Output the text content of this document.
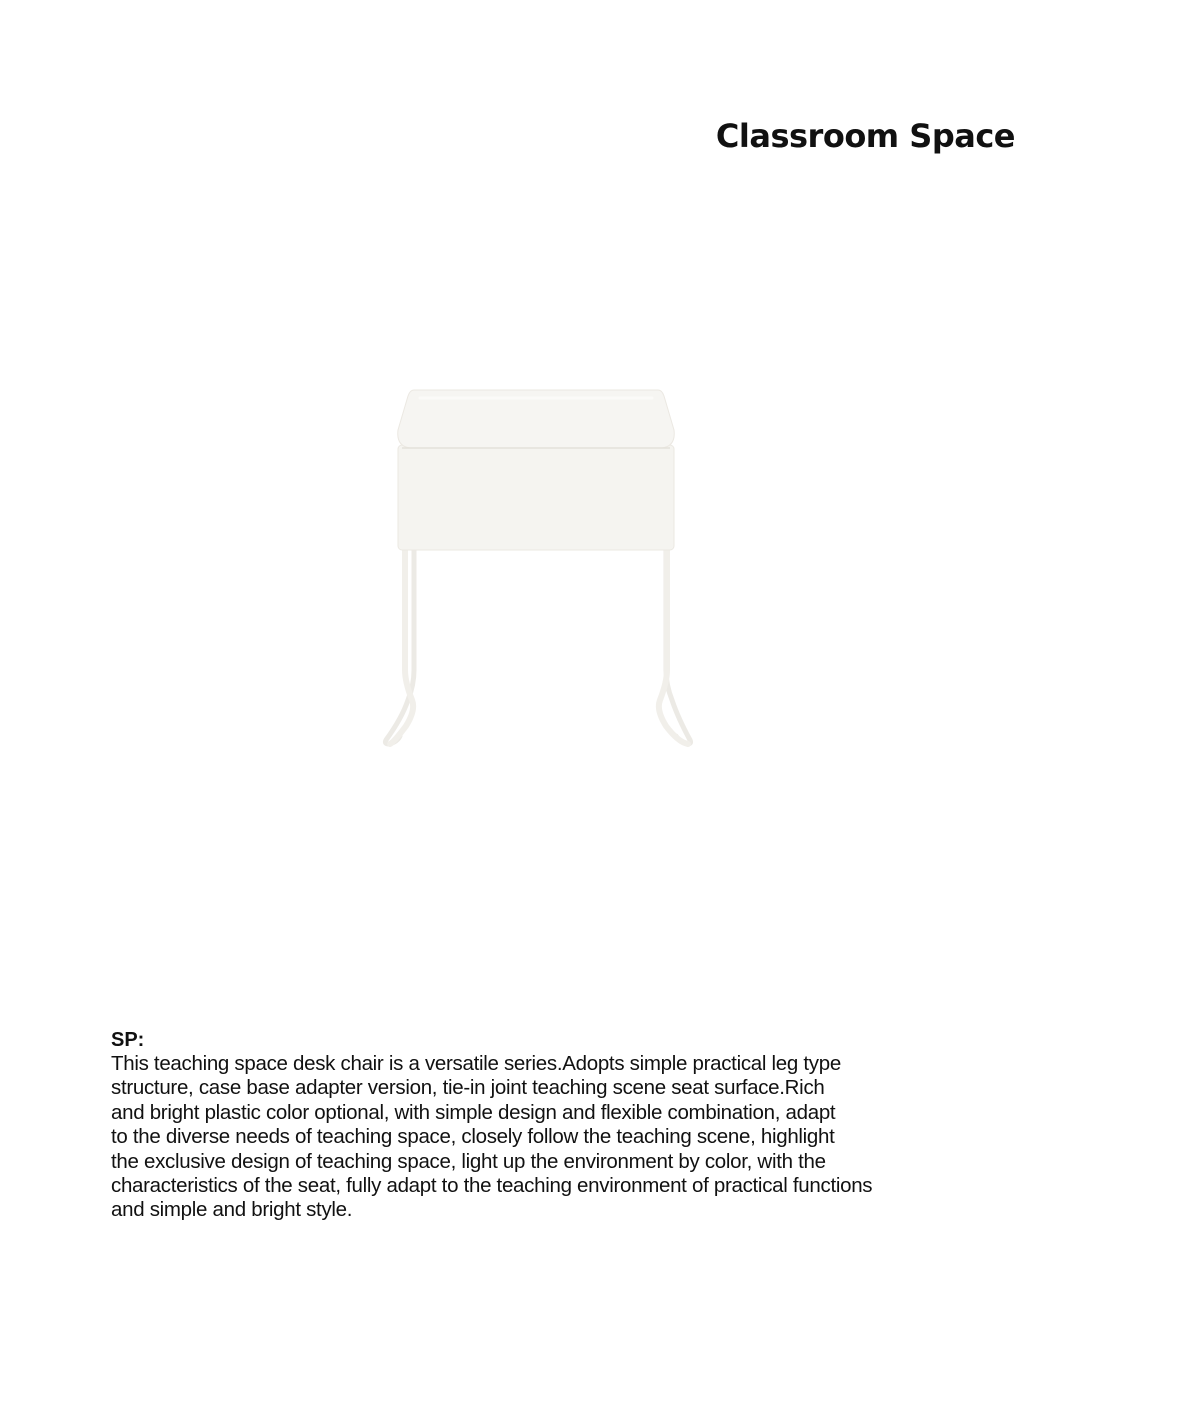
Classroom Space
SP:

This teaching space desk chair is a versatile series.Adopts simple practical leg type
structure, case base adapter version, tie-in joint teaching scene seat surface.Rich
and bright plastic color optional, with simple design and flexible combination, adapt
to the diverse needs of teaching space, closely follow the teaching scene, highlight
the exclusive design of teaching space, light up the environment by color, with the
characteristics of the seat, fully adapt to the teaching environment of practical functions
and simple and bright style.
